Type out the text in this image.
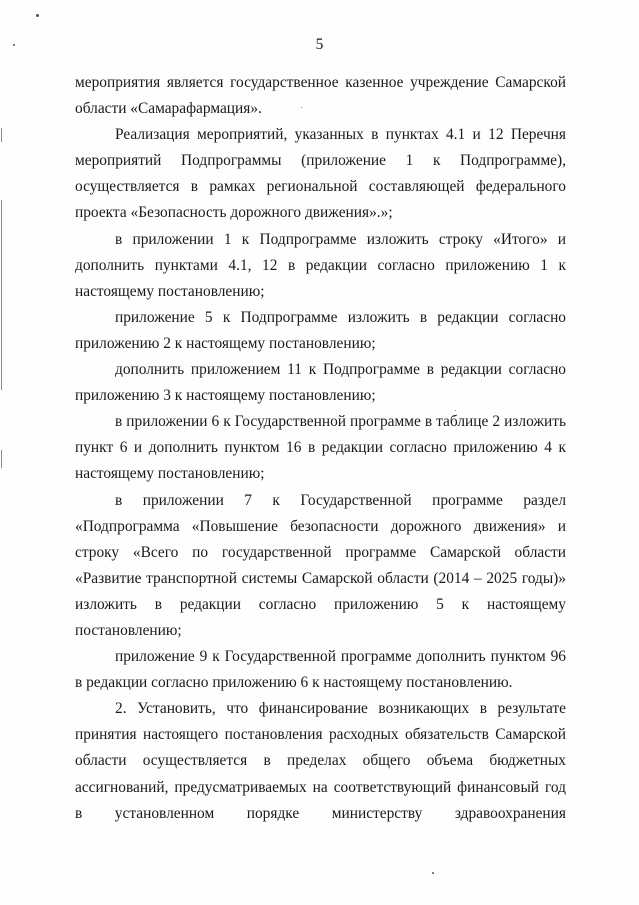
5

мероприятия является государственное казенное учреждение Самарской области «Самарафармация».

Реализация мероприятий, указанных в пунктах 4.1 и 12 Перечня мероприятий Подпрограммы (приложение 1 к Подпрограмме), осуществляется в рамках региональной составляющей федерального проекта «Безопасность дорожного движения».»;

в приложении 1 к Подпрограмме изложить строку «Итого» и дополнить пунктами 4.1, 12 в редакции согласно приложению 1 к настоящему постановлению;

приложение 5 к Подпрограмме изложить в редакции согласно приложению 2 к настоящему постановлению;

дополнить приложением 11 к Подпрограмме в редакции согласно приложению 3 к настоящему постановлению;

в приложении 6 к Государственной программе в таблице 2 изложить пункт 6 и дополнить пунктом 16 в редакции согласно приложению 4 к настоящему постановлению;

в приложении 7 к Государственной программе раздел «Подпрограмма «Повышение безопасности дорожного движения» и строку «Всего по государственной программе Самарской области «Развитие транспортной системы Самарской области (2014 – 2025 годы)» изложить в редакции согласно приложению 5 к настоящему постановлению;

приложение 9 к Государственной программе дополнить пунктом 96 в редакции согласно приложению 6 к настоящему постановлению.

2. Установить, что финансирование возникающих в результате принятия настоящего постановления расходных обязательств Самарской области осуществляется в пределах общего объема бюджетных ассигнований, предусматриваемых на соответствующий финансовый год в установленном порядке министерству здравоохранения
